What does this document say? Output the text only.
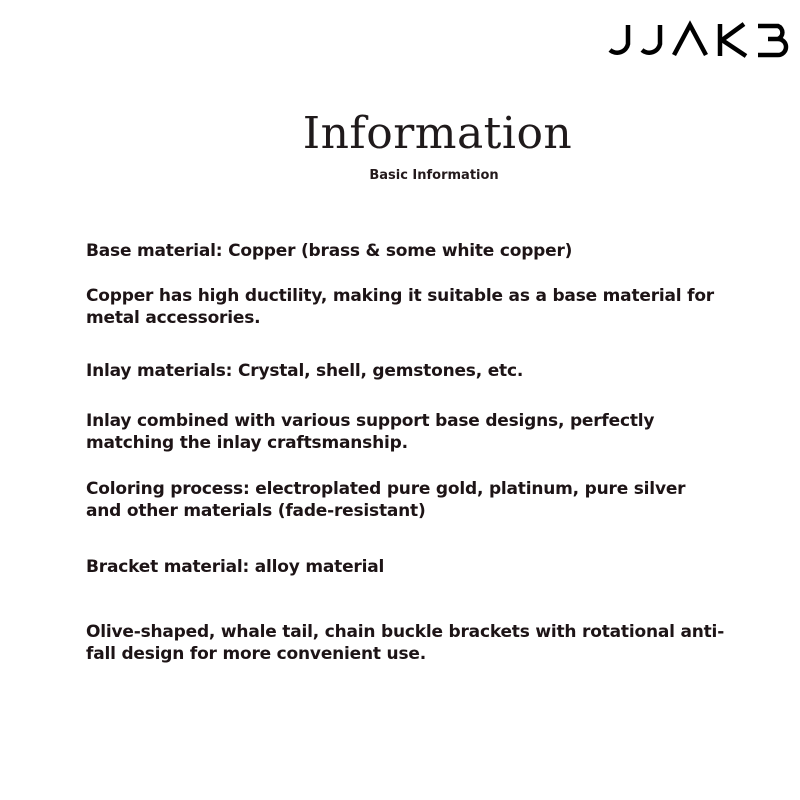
Information
Basic Information

Base material: Copper (brass & some white copper)

Copper has high ductility, making it suitable as a base material for metal accessories.

Inlay materials: Crystal, shell, gemstones, etc.

Inlay combined with various support base designs, perfectly matching the inlay craftsmanship.

Coloring process: electroplated pure gold, platinum, pure silver and other materials (fade-resistant)

Bracket material: alloy material

Olive-shaped, whale tail, chain buckle brackets with rotational anti-fall design for more convenient use.
